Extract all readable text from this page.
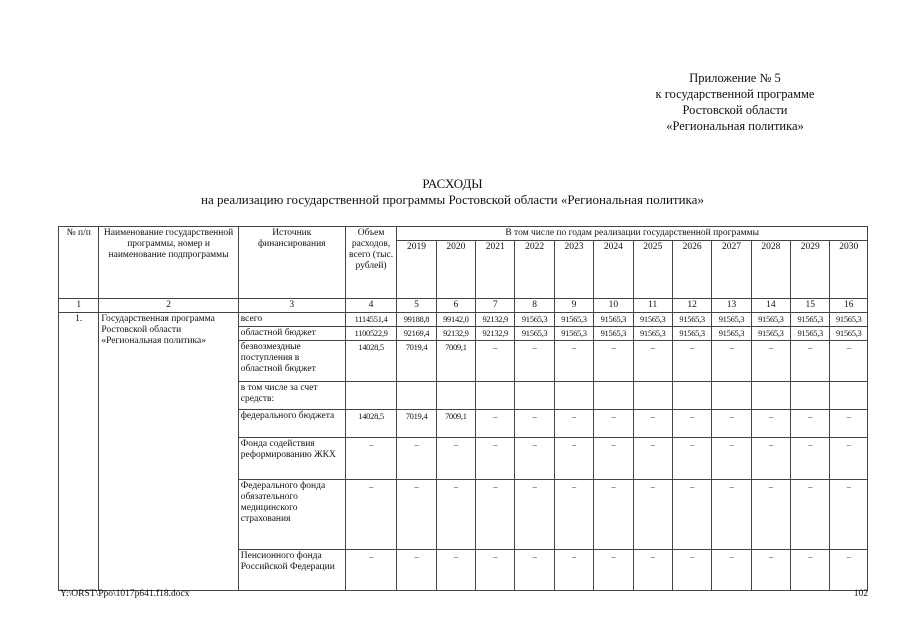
Приложение № 5
к государственной программе
Ростовской области
«Региональная политика»
РАСХОДЫ
на реализацию государственной программы Ростовской области «Региональная политика»
№ п/п	Наименование государственной программы, номер и наименование подпрограммы	Источник финансирования	Объем расходов, всего (тыс. рублей)	В том числе по годам реализации государственной программы											
				2019	2020	2021	2022	2023	2024	2025	2026	2027	2028	2029	2030
1	2	3	4	5	6	7	8	9	10	11	12	13	14	15	16
1.	Государственная программа Ростовской области «Региональная политика»	всего	1114551,4	99188,8	99142,0	92132,9	91565,3	91565,3	91565,3	91565,3	91565,3	91565,3	91565,3	91565,3	91565,3
		областной бюджет	1100522,9	92169,4	92132,9	92132,9	91565,3	91565,3	91565,3	91565,3	91565,3	91565,3	91565,3	91565,3	91565,3
		безвозмездные поступления в областной бюджет	14028,5	7019,4	7009,1	–	–	–	–	–	–	–	–	–	–
		в том числе за счет средств:													
		федерального бюджета	14028,5	7019,4	7009,1	–	–	–	–	–	–	–	–	–	–
		Фонда содействия реформированию ЖКХ	–	–	–	–	–	–	–	–	–	–	–	–	–
		Федерального фонда обязательного медицинского страхования	–	–	–	–	–	–	–	–	–	–	–	–	–
		Пенсионного фонда Российской Федерации	–	–	–	–	–	–	–	–	–	–	–	–	–
Y:\ORST\Ppo\1017p641.f18.docx	102
